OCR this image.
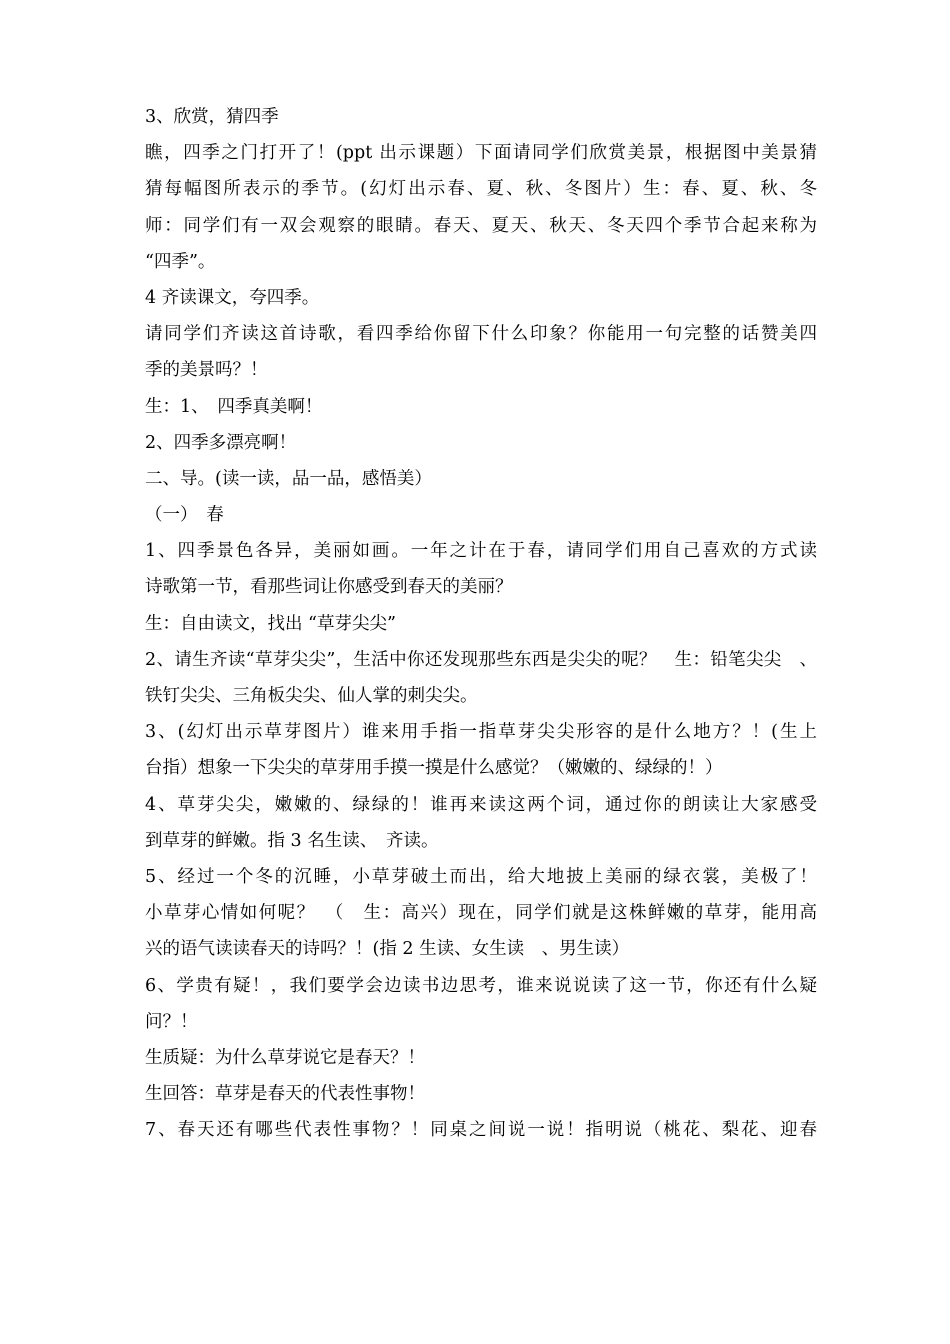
3、欣赏，猜四季
瞧，四季之门打开了！(ppt 出示课题）下面请同学们欣赏美景，根据图中美景猜
猜每幅图所表示的季节。(幻灯出示春、夏、秋、冬图片）生：春、夏、秋、冬
师：同学们有一双会观察的眼睛。春天、夏天、秋天、冬天四个季节合起来称为
“四季”。
4 齐读课文，夸四季。
请同学们齐读这首诗歌，看四季给你留下什么印象？你能用一句完整的话赞美四
季的美景吗？！
生：1、　四季真美啊！
2、四季多漂亮啊！
二、导。(读一读，品一品，感悟美）
（一）　春
1、四季景色各异，美丽如画。一年之计在于春，请同学们用自己喜欢的方式读
诗歌第一节，看那些词让你感受到春天的美丽？
生：自由读文，找出 “草芽尖尖”
2、请生齐读“草芽尖尖”，生活中你还发现那些东西是尖尖的呢？　生：铅笔尖尖　、
铁钉尖尖、三角板尖尖、仙人掌的刺尖尖。
3、(幻灯出示草芽图片）谁来用手指一指草芽尖尖形容的是什么地方？！(生上
台指）想象一下尖尖的草芽用手摸一摸是什么感觉？（嫩嫩的、绿绿的！）
4、草芽尖尖，嫩嫩的、绿绿的！谁再来读这两个词，通过你的朗读让大家感受
到草芽的鲜嫩。指 3 名生读、　齐读。
5、经过一个冬的沉睡，小草芽破土而出，给大地披上美丽的绿衣裳，美极了！
小草芽心情如何呢？　（　生：高兴）现在，同学们就是这株鲜嫩的草芽，能用高
兴的语气读读春天的诗吗？！(指 2 生读、女生读　、男生读）
6、学贵有疑！，我们要学会边读书边思考，谁来说说读了这一节，你还有什么疑
问？！
生质疑：为什么草芽说它是春天？！
生回答：草芽是春天的代表性事物！
7、春天还有哪些代表性事物？！同桌之间说一说！指明说（桃花、梨花、迎春
